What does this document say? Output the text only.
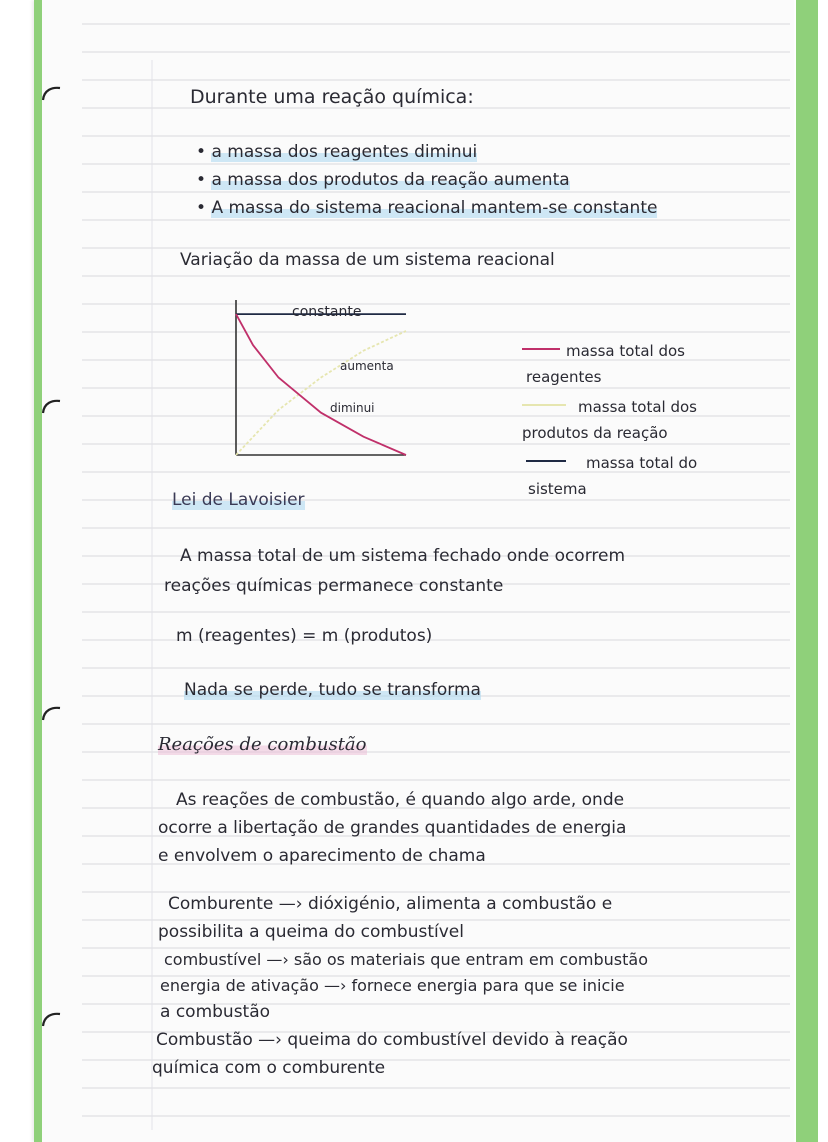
Durante uma reação química:
• a massa dos reagentes diminui
• a massa dos produtos da reação aumenta
• A massa do sistema reacional mantem-se constante
Variação da massa de um sistema reacional
constante
aumenta
diminui
massa total dos
reagentes
massa total dos
produtos da reação
massa total do
sistema
Lei de Lavoisier
A massa total de um sistema fechado onde ocorrem
reações químicas permanece constante
m (reagentes) = m (produtos)
Nada se perde, tudo se transforma
Reações de combustão
As reações de combustão, é quando algo arde, onde
ocorre a libertação de grandes quantidades de energia
e envolvem o aparecimento de chama
Comburente —› dióxigénio, alimenta a combustão e
possibilita a queima do combustível
combustível —› são os materiais que entram em combustão
energia de ativação —› fornece energia para que se inicie
a combustão
Combustão —› queima do combustível devido à reação
química com o comburente
